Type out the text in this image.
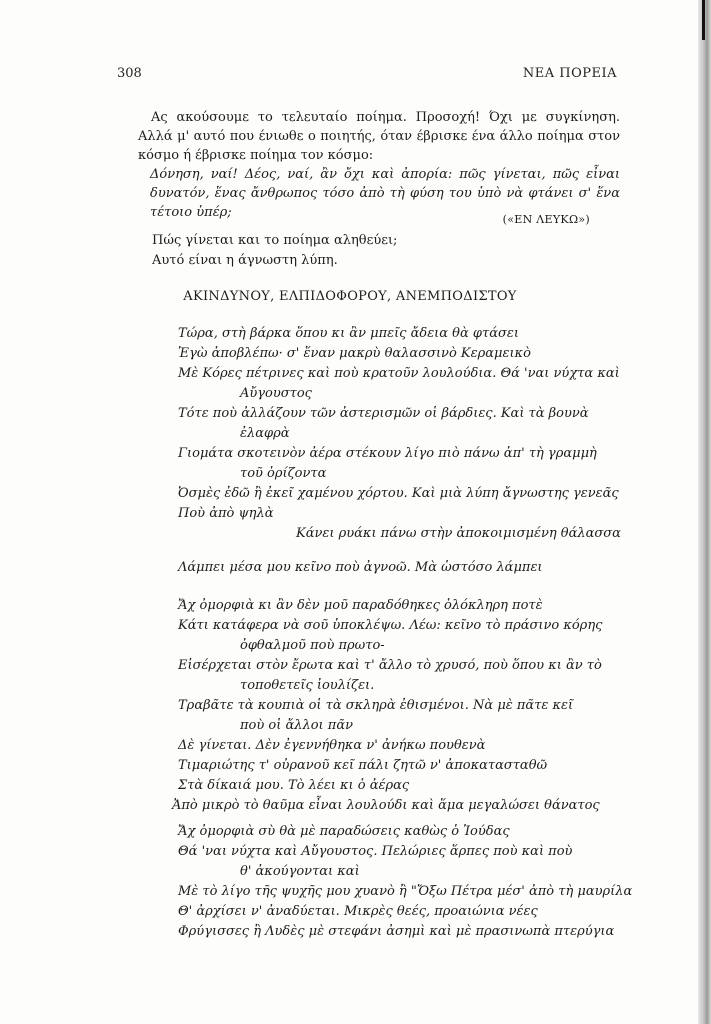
308	ΝΕΑ ΠΟΡΕΙΑ

Ας ακούσουμε το τελευταίο ποίημα. Προσοχή! Όχι με συγκίνηση. Αλλά μ' αυτό που ένιωθε ο ποιητής, όταν έβρισκε ένα άλλο ποίημα στον κόσμο ή έβρισκε ποίημα τον κόσμο:

Δόνηση, ναί! Δέος, ναί, ἂν ὄχι καὶ ἀπορία: πῶς γίνεται, πῶς εἶναι δυνατόν, ἕνας ἄνθρωπος τόσο ἀπὸ τὴ φύση του ὑπὸ νὰ φτάνει σ' ἕνα τέτοιο ὑπέρ;	(«ΕΝ ΛΕΥΚΩ»)
Πώς γίνεται και το ποίημα αληθεύει;
Αυτό είναι η άγνωστη λύπη.
ΑΚΙΝΔΥΝΟΥ, ΕΛΠΙΔΟΦΟΡΟΥ, ΑΝΕΜΠΟΔΙΣΤΟΥ
Τώρα, στὴ βάρκα ὅπου κι ἂν μπεῖς ἄδεια θὰ φτάσει
Ἐγὼ ἀποβλέπω· σ' ἕναν μακρὺ θαλασσινὸ Κεραμεικὸ
Μὲ Κόρες πέτρινες καὶ ποὺ κρατοῦν λουλούδια. Θά 'ναι νύχτα καὶ
Αὔγουστος
Τότε ποὺ ἀλλάζουν τῶν ἀστερισμῶν οἱ βάρδιες. Καὶ τὰ βουνὰ
ἐλαφρὰ
Γιομάτα σκοτεινὸν ἀέρα στέκουν λίγο πιὸ πάνω ἀπ' τὴ γραμμὴ
τοῦ ὁρίζοντα
Ὀσμὲς ἐδῶ ἢ ἐκεῖ χαμένου χόρτου. Καὶ μιὰ λύπη ἄγνωστης γενεᾶς
Ποὺ ἀπὸ ψηλὰ
Κάνει ρυάκι πάνω στὴν ἀποκοιμισμένη θάλασσα
Λάμπει μέσα μου κεῖνο ποὺ ἀγνοῶ. Μὰ ὡστόσο λάμπει
Ἄχ ὀμορφιὰ κι ἂν δὲν μοῦ παραδόθηκες ὁλόκληρη ποτὲ
Κάτι κατάφερα νὰ σοῦ ὑποκλέψω. Λέω: κεῖνο τὸ πράσινο κόρης
ὀφθαλμοῦ ποὺ πρωτο-
Εἰσέρχεται στὸν ἔρωτα καὶ τ' ἄλλο τὸ χρυσό, ποὺ ὅπου κι ἂν τὸ
τοποθετεῖς ἰουλίζει.
Τραβᾶτε τὰ κουπιὰ οἱ τὰ σκληρὰ ἐθισμένοι. Νὰ μὲ πᾶτε κεῖ
ποὺ οἱ ἄλλοι πᾶν
Δὲ γίνεται. Δὲν ἐγεννήθηκα ν' ἀνήκω πουθενὰ
Τιμαριώτης τ' οὐρανοῦ κεῖ πάλι ζητῶ ν' ἀποκατασταθῶ
Στὰ δίκαιά μου. Τὸ λέει κι ὁ ἀέρας
Ἀπὸ μικρὸ τὸ θαῦμα εἶναι λουλούδι καὶ ἅμα μεγαλώσει θάνατος
Ἄχ ὀμορφιὰ σὺ θὰ μὲ παραδώσεις καθὼς ὁ Ἰούδας
Θά 'ναι νύχτα καὶ Αὔγουστος. Πελώριες ἅρπες ποὺ καὶ ποὺ
θ' ἀκούγονται καὶ
Μὲ τὸ λίγο τῆς ψυχῆς μου χυανὸ ἢ "Ὄξω Πέτρα μέσ' ἀπὸ τὴ μαυρίλα
Θ' ἀρχίσει ν' ἀναδύεται. Μικρὲς θεές, προαιώνια νέες
Φρύγισσες ἢ Λυδὲς μὲ στεφάνι ἀσημὶ καὶ μὲ πρασινωπὰ πτερύγια
